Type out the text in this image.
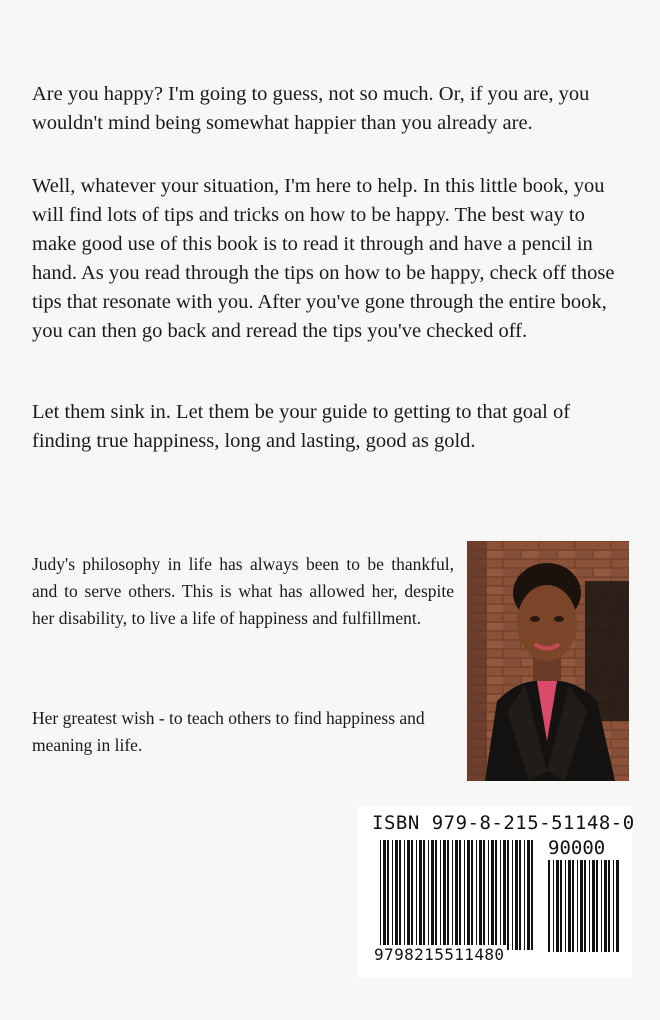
Are you happy? I'm going to guess, not so much. Or, if you are, you wouldn't mind being somewhat happier than you already are.

Well, whatever your situation, I'm here to help. In this little book, you will find lots of tips and tricks on how to be happy. The best way to make good use of this book is to read it through and have a pencil in hand. As you read through the tips on how to be happy, check off those tips that resonate with you. After you've gone through the entire book, you can then go back and reread the tips you've checked off.

Let them sink in. Let them be your guide to getting to that goal of finding true happiness, long and lasting, good as gold.

Judy's philosophy in life has always been to be thankful, and to serve others. This is what has allowed her, despite her disability, to live a life of happiness and fulfillment.

Her greatest wish - to teach others to find happiness and meaning in life.

ISBN 979-8-215-51148-0
90000
9798215511480
